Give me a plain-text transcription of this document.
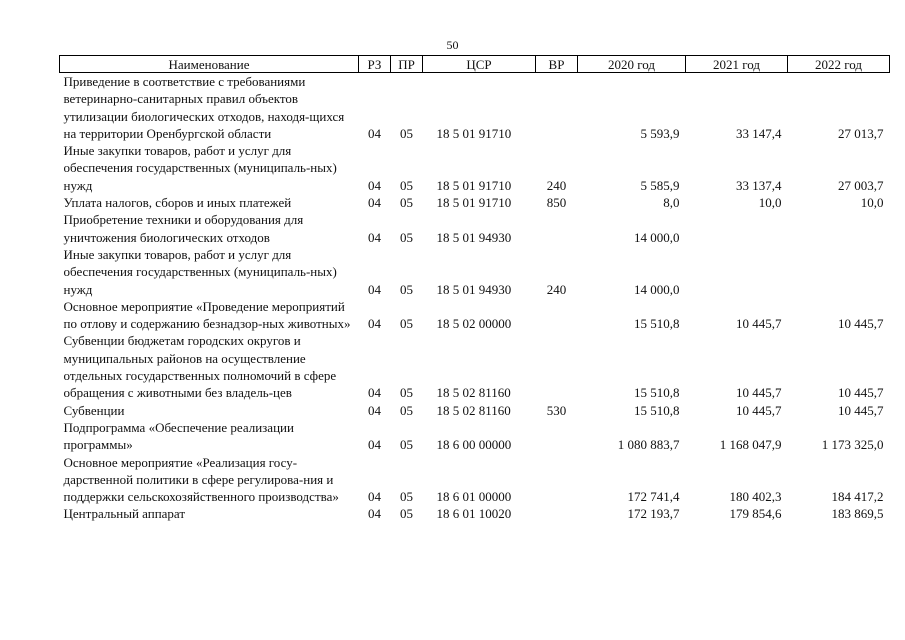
50
Наименование	РЗ	ПР	ЦСР	ВР	2020 год	2021 год	2022 год
Приведение в соответствие с требованиями ветеринарно-санитарных правил объектов утилизации биологических отходов, находя-щихся на территории Оренбургской области	04	05	18 5 01 91710		5 593,9	33 147,4	27 013,7
Иные закупки товаров, работ и услуг для обеспечения государственных (муниципаль-ных) нужд	04	05	18 5 01 91710	240	5 585,9	33 137,4	27 003,7
Уплата налогов, сборов и иных платежей	04	05	18 5 01 91710	850	8,0	10,0	10,0
Приобретение техники и оборудования для уничтожения биологических отходов	04	05	18 5 01 94930		14 000,0		
Иные закупки товаров, работ и услуг для обеспечения государственных (муниципаль-ных) нужд	04	05	18 5 01 94930	240	14 000,0		
Основное мероприятие «Проведение мероприятий по отлову и содержанию безнадзор-ных животных»	04	05	18 5 02 00000		15 510,8	10 445,7	10 445,7
Субвенции бюджетам городских округов и муниципальных районов на осуществление отдельных государственных полномочий в сфере обращения с животными без владель-цев	04	05	18 5 02 81160		15 510,8	10 445,7	10 445,7
Субвенции	04	05	18 5 02 81160	530	15 510,8	10 445,7	10 445,7
Подпрограмма «Обеспечение реализации программы»	04	05	18 6 00 00000		1 080 883,7	1 168 047,9	1 173 325,0
Основное мероприятие «Реализация госу-дарственной политики в сфере регулирова-ния и поддержки сельскохозяйственного производства»	04	05	18 6 01 00000		172 741,4	180 402,3	184 417,2
Центральный аппарат	04	05	18 6 01 10020		172 193,7	179 854,6	183 869,5
